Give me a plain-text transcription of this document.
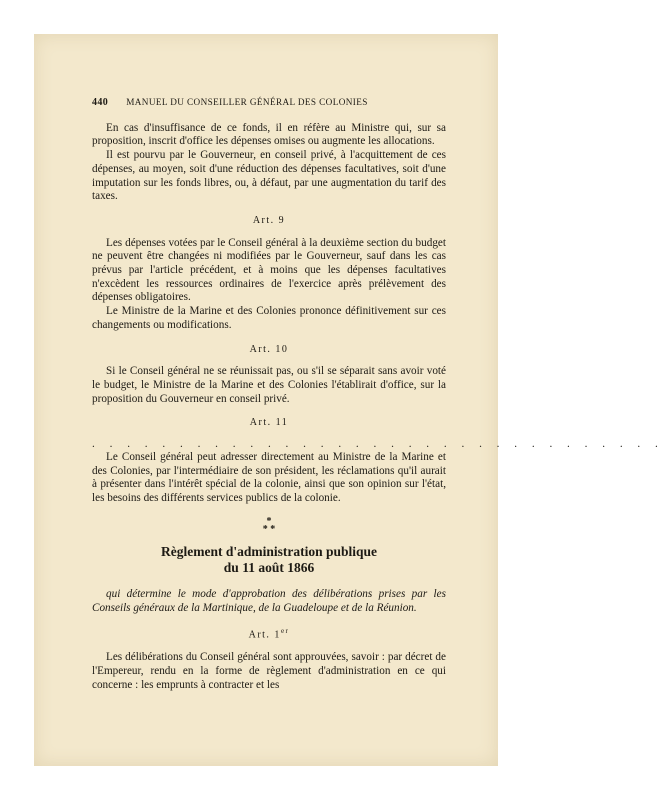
440 MANUEL DU CONSEILLER GÉNÉRAL DES COLONIES

En cas d'insuffisance de ce fonds, il en réfère au Ministre qui, sur sa proposition, inscrit d'office les dépenses omises ou augmente les allocations.

Il est pourvu par le Gouverneur, en conseil privé, à l'acquittement de ces dépenses, au moyen, soit d'une réduction des dépenses facultatives, soit d'une imputation sur les fonds libres, ou, à défaut, par une augmentation du tarif des taxes.

Art. 9

Les dépenses votées par le Conseil général à la deuxième section du budget ne peuvent être changées ni modifiées par le Gouverneur, sauf dans les cas prévus par l'article précédent, et à moins que les dépenses facultatives n'excèdent les ressources ordinaires de l'exercice après prélèvement des dépenses obligatoires.

Le Ministre de la Marine et des Colonies prononce définitivement sur ces changements ou modifications.

Art. 10

Si le Conseil général ne se réunissait pas, ou s'il se séparait sans avoir voté le budget, le Ministre de la Marine et des Colonies l'établirait d'office, sur la proposition du Gouverneur en conseil privé.

Art. 11
. . . . . . . . . . . . . . . . . . . . . . . . . . . . . . . . .

Le Conseil général peut adresser directement au Ministre de la Marine et des Colonies, par l'intermédiaire de son président, les réclamations qu'il aurait à présenter dans l'intérêt spécial de la colonie, ainsi que son opinion sur l'état, les besoins des différents services publics de la colonie.

*
* *
Règlement d'administration publique
du 11 août 1866
qui détermine le mode d'approbation des délibérations prises par les Conseils généraux de la Martinique, de la Guadeloupe et de la Réunion.
Art. 1er

Les délibérations du Conseil général sont approuvées, savoir : par décret de l'Empereur, rendu en la forme de règlement d'administration en ce qui concerne : les emprunts à contracter et les
